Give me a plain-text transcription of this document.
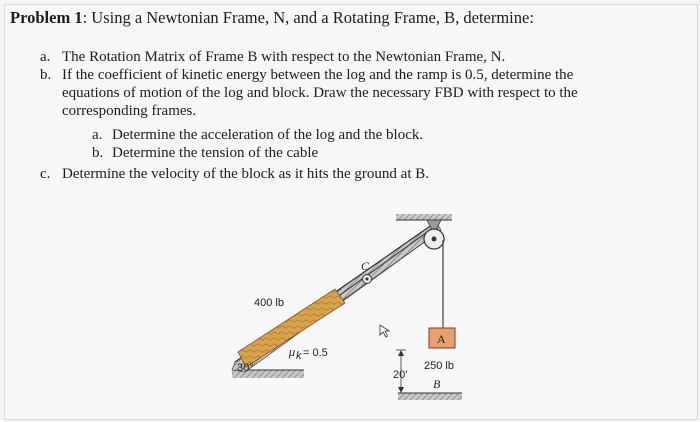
Problem 1: Using a Newtonian Frame, N, and a Rotating Frame, B, determine:
a. The Rotation Matrix of Frame B with respect to the Newtonian Frame, N.
b. If the coefficient of kinetic energy between the log and the ramp is 0.5, determine the
equations of motion of the log and block. Draw the necessary FBD with respect to the
corresponding frames.
a. Determine the acceleration of the log and the block.
b. Determine the tension of the cable
c. Determine the velocity of the block as it hits the ground at B.
C
A
400 lb
μ k = 0.5
30°	250 lb
20'
B
